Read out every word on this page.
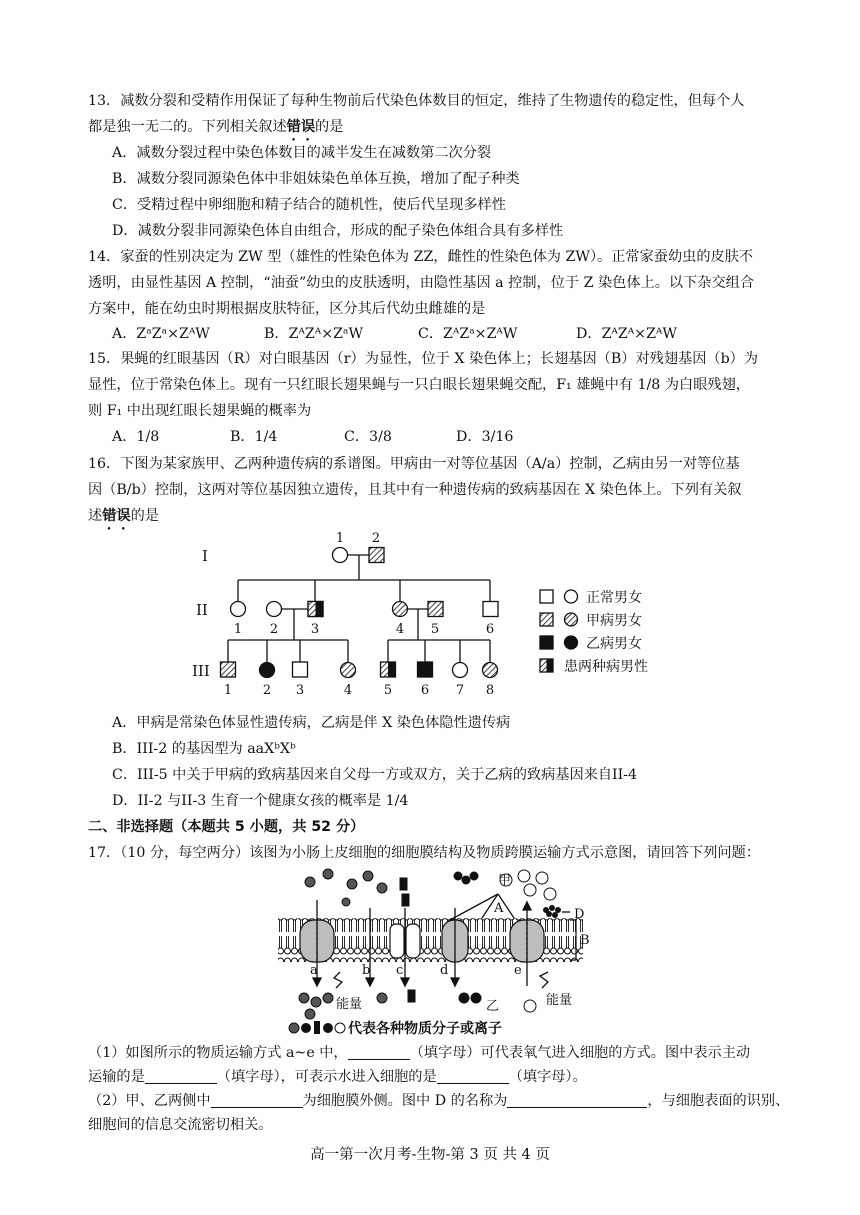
13．减数分裂和受精作用保证了每种生物前后代染色体数目的恒定，维持了生物遗传的稳定性，但每个人
都是独一无二的。下列相关叙述错误的是
A．减数分裂过程中染色体数目的减半发生在减数第二次分裂
B．减数分裂同源染色体中非姐妹染色单体互换，增加了配子种类
C．受精过程中卵细胞和精子结合的随机性，使后代呈现多样性
D．减数分裂非同源染色体自由组合，形成的配子染色体组合具有多样性
14．家蚕的性别决定为 ZW 型（雄性的性染色体为 ZZ，雌性的性染色体为 ZW）。正常家蚕幼虫的皮肤不
透明，由显性基因 A 控制，“油蚕”幼虫的皮肤透明，由隐性基因 a 控制，位于 Z 染色体上。以下杂交组合
方案中，能在幼虫时期根据皮肤特征，区分其后代幼虫雌雄的是
A．ZᵃZᵃ×ZᴬW	B．ZᴬZᴬ×ZᵃW	C．ZᴬZᵃ×ZᴬW	D．ZᴬZᴬ×ZᴬW
15．果蝇的红眼基因（R）对白眼基因（r）为显性，位于 X 染色体上；长翅基因（B）对残翅基因（b）为
显性，位于常染色体上。现有一只红眼长翅果蝇与一只白眼长翅果蝇交配，F₁ 雄蝇中有 1/8 为白眼残翅，
则 F₁ 中出现红眼长翅果蝇的概率为
A．1/8	B．1/4	C．3/8	D．3/16
16．下图为某家族甲、乙两种遗传病的系谱图。甲病由一对等位基因（A/a）控制，乙病由另一对等位基
因（B/b）控制，这两对等位基因独立遗传，且其中有一种遗传病的致病基因在 X 染色体上。下列有关叙
述错误的是
I
II
III
1 2
1 2	3	4 5	6
1 2 3	4 5 6 7 8
正常男女
甲病男女
乙病男女
患两种病男性
A．甲病是常染色体显性遗传病，乙病是伴 X 染色体隐性遗传病
B．III-2 的基因型为 aaXᵇXᵇ
C．III-5 中关于甲病的致病基因来自父母一方或双方，关于乙病的致病基因来自II-4
D．II-2 与II-3 生育一个健康女孩的概率是 1/4
二、非选择题（本题共 5 小题，共 52 分）
17．（10 分，每空两分）该图为小肠上皮细胞的细胞膜结构及物质跨膜运输方式示意图，请回答下列问题：
甲
A	D
B
a	b c	d	e
能量	能量
乙
代表各种物质分子或离子
（1）如图所示的物质运输方式 a~e 中，	（填字母）可代表氧气进入细胞的方式。图中表示主动
运输的是	（填字母），可表示水进入细胞的是	（填字母）。
（2）甲、乙两侧中	为细胞膜外侧。图中 D 的名称为	，与细胞表面的识别、
细胞间的信息交流密切相关。
高一第一次月考-生物-第 3 页 共 4 页
